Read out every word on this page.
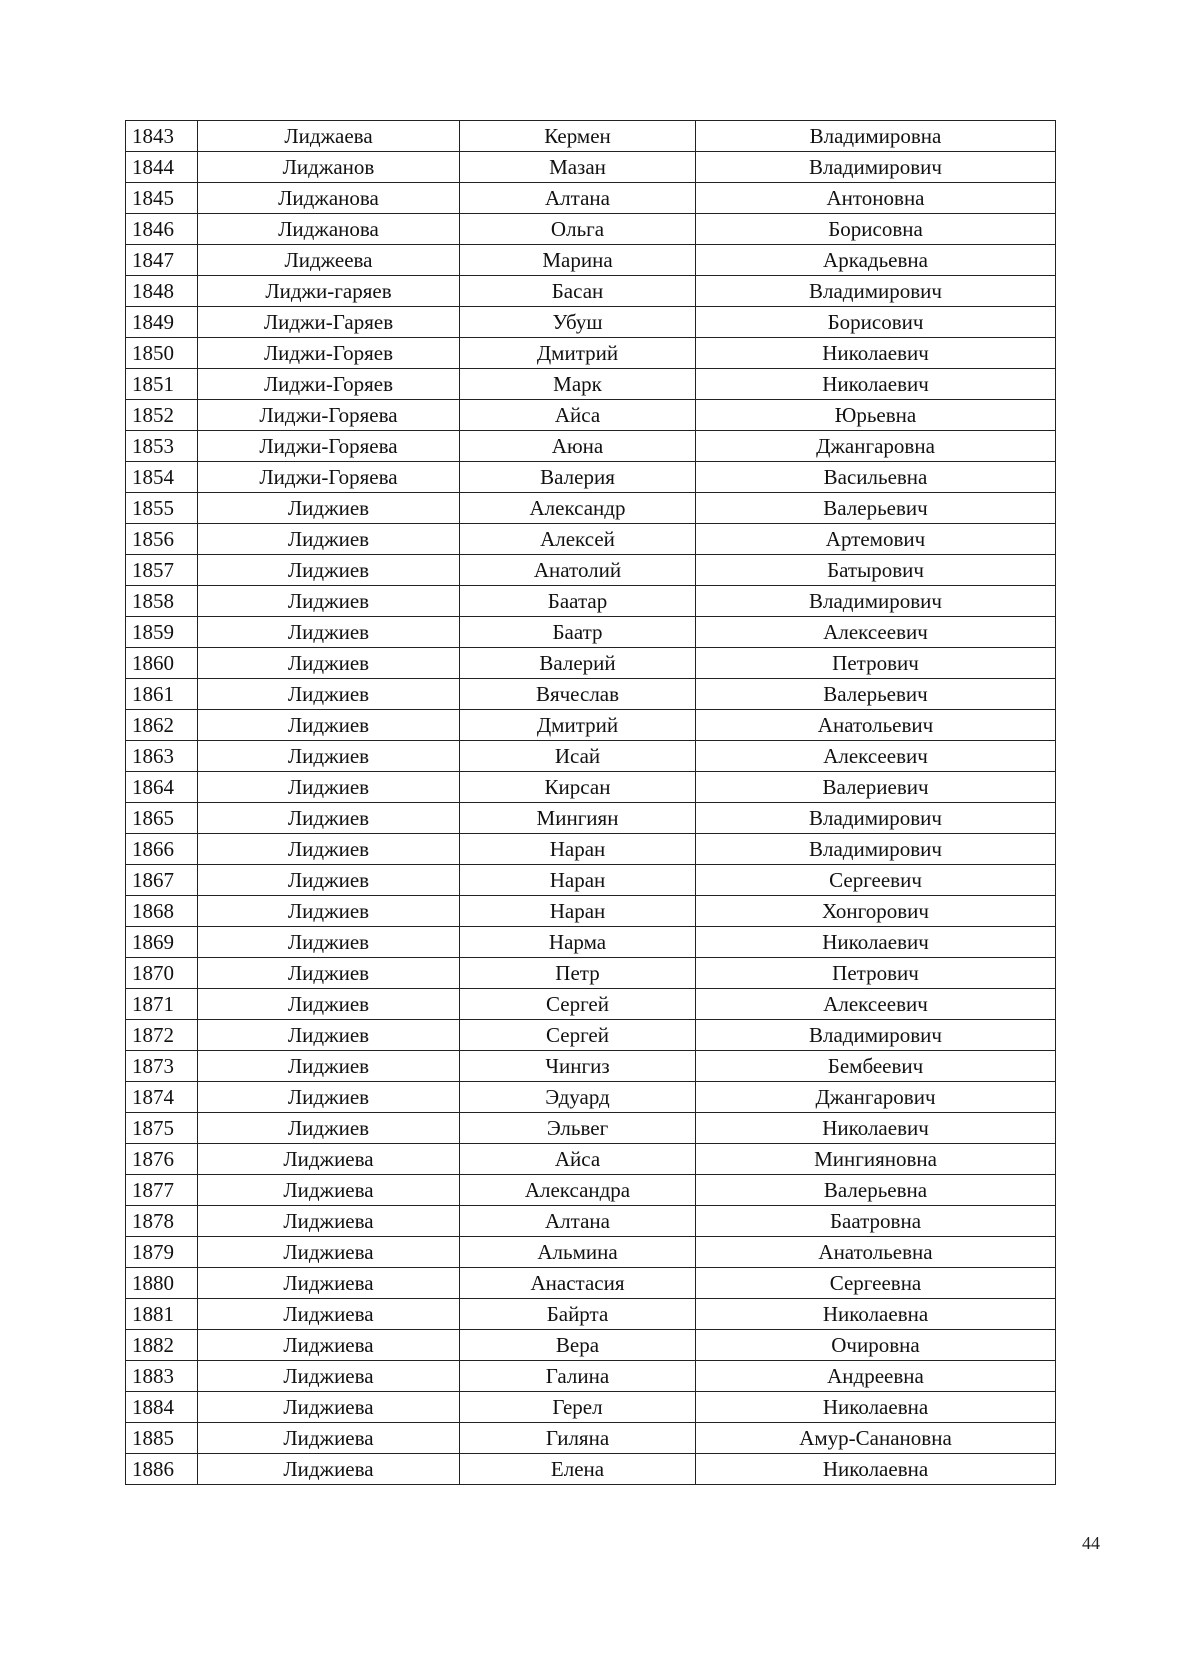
1843	Лиджаева	Кермен	Владимировна
1844	Лиджанов	Мазан	Владимирович
1845	Лиджанова	Алтана	Антоновна
1846	Лиджанова	Ольга	Борисовна
1847	Лиджеева	Марина	Аркадьевна
1848	Лиджи-гаряев	Басан	Владимирович
1849	Лиджи-Гаряев	Убуш	Борисович
1850	Лиджи-Горяев	Дмитрий	Николаевич
1851	Лиджи-Горяев	Марк	Николаевич
1852	Лиджи-Горяева	Айса	Юрьевна
1853	Лиджи-Горяева	Аюна	Джангаровна
1854	Лиджи-Горяева	Валерия	Васильевна
1855	Лиджиев	Александр	Валерьевич
1856	Лиджиев	Алексей	Артемович
1857	Лиджиев	Анатолий	Батырович
1858	Лиджиев	Баатар	Владимирович
1859	Лиджиев	Баатр	Алексеевич
1860	Лиджиев	Валерий	Петрович
1861	Лиджиев	Вячеслав	Валерьевич
1862	Лиджиев	Дмитрий	Анатольевич
1863	Лиджиев	Исай	Алексеевич
1864	Лиджиев	Кирсан	Валериевич
1865	Лиджиев	Мингиян	Владимирович
1866	Лиджиев	Наран	Владимирович
1867	Лиджиев	Наран	Сергеевич
1868	Лиджиев	Наран	Хонгорович
1869	Лиджиев	Нарма	Николаевич
1870	Лиджиев	Петр	Петрович
1871	Лиджиев	Сергей	Алексеевич
1872	Лиджиев	Сергей	Владимирович
1873	Лиджиев	Чингиз	Бембеевич
1874	Лиджиев	Эдуард	Джангарович
1875	Лиджиев	Эльвег	Николаевич
1876	Лиджиева	Айса	Мингияновна
1877	Лиджиева	Александра	Валерьевна
1878	Лиджиева	Алтана	Баатровна
1879	Лиджиева	Альмина	Анатольевна
1880	Лиджиева	Анастасия	Сергеевна
1881	Лиджиева	Байрта	Николаевна
1882	Лиджиева	Вера	Очировна
1883	Лиджиева	Галина	Андреевна
1884	Лиджиева	Герел	Николаевна
1885	Лиджиева	Гиляна	Амур-Санановна
1886	Лиджиева	Елена	Николаевна
44
